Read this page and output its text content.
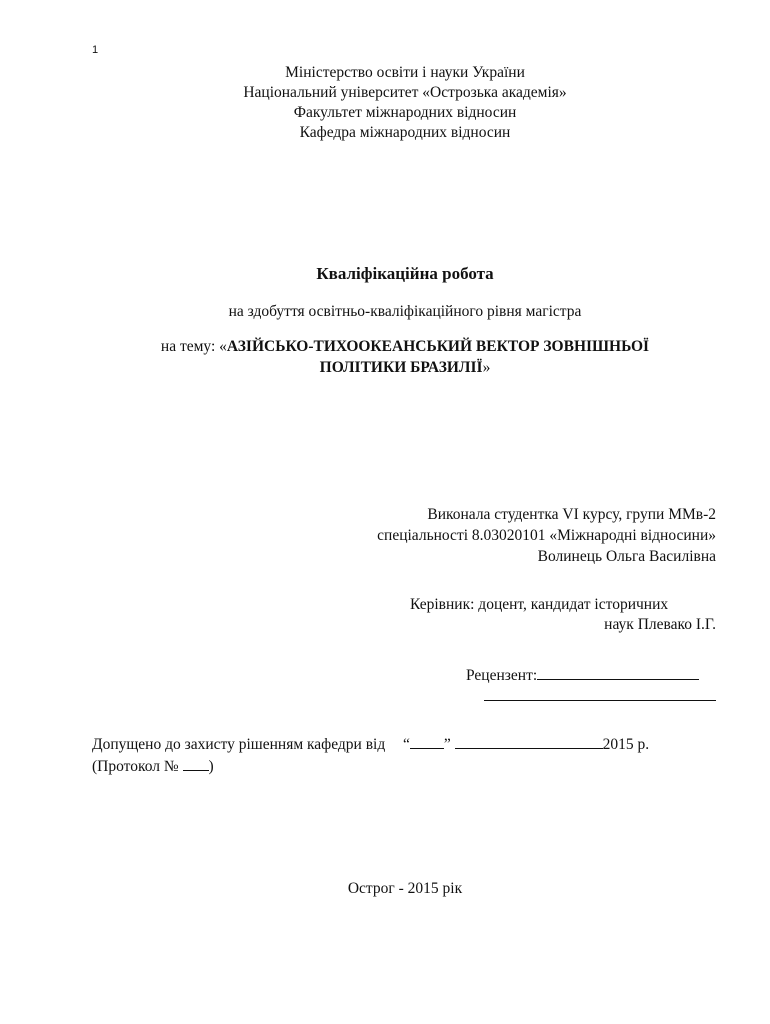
1
Міністерство освіти і науки України
Національний університет «Острозька академія»
Факультет міжнародних відносин
Кафедра міжнародних відносин
Кваліфікаційна робота
на здобуття освітньо-кваліфікаційного рівня магістра
на тему: «АЗІЙСЬКО-ТИХООКЕАНСЬКИЙ ВЕКТОР ЗОВНІШНЬОЇ
ПОЛІТИКИ БРАЗИЛІЇ»
Виконала студентка VI курсу, групи ММв-2
спеціальності 8.03020101 «Міжнародні відносини»
Волинець Ольга Василівна
Керівник: доцент, кандидат історичних
наук Плевако І.Г.
Рецензент:
Допущено до захисту рішенням кафедри від “ ”	2015 р.
(Протокол № )
Острог - 2015 рік
